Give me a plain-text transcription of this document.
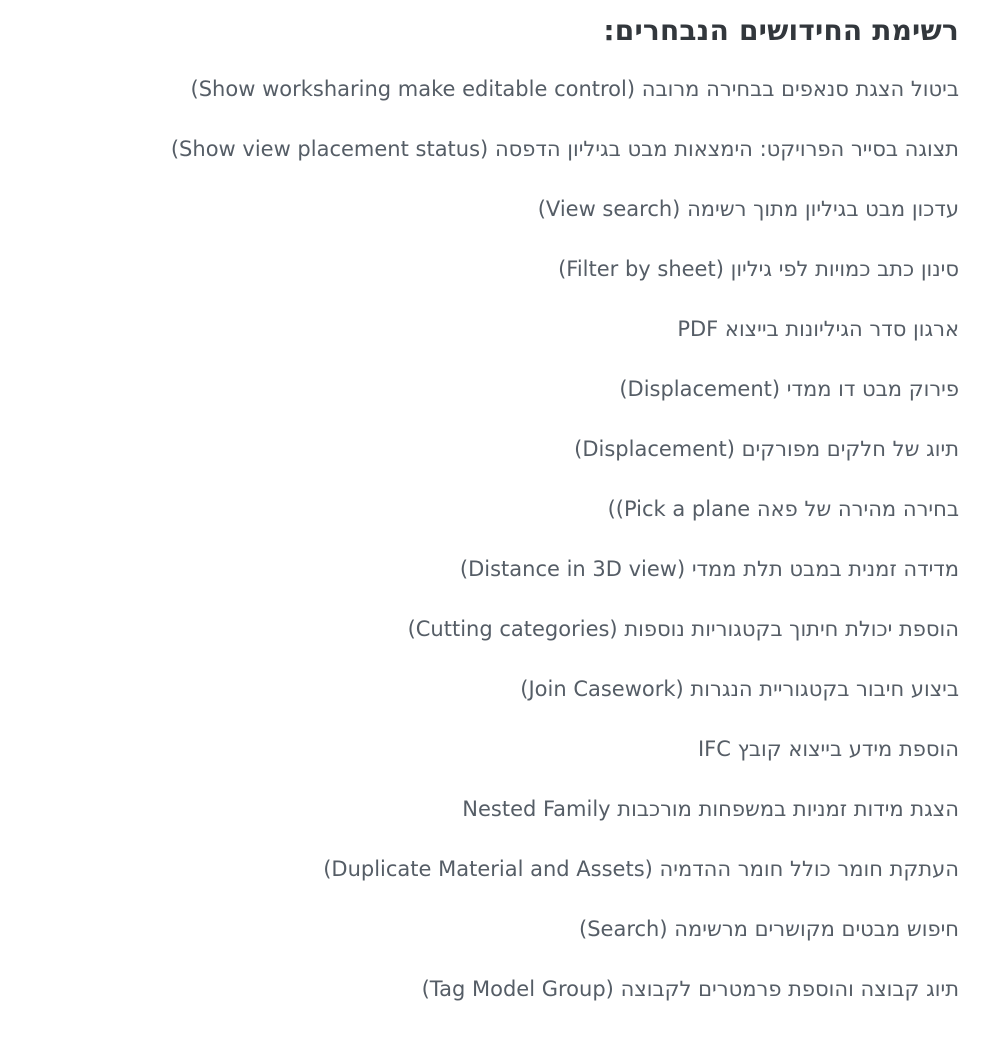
רשימת החידושים הנבחרים:
ביטול הצגת סנאפים בבחירה מרובה (Show worksharing make editable control)
תצוגה בסייר הפרויקט: הימצאות מבט בגיליון הדפסה (Show view placement status)
עדכון מבט בגיליון מתוך רשימה (View search)
סינון כתב כמויות לפי גיליון (Filter by sheet)
ארגון סדר הגיליונות בייצוא PDF
פירוק מבט דו ממדי (Displacement)
תיוג של חלקים מפורקים (Displacement)
בחירה מהירה של פאה ((Pick a plane
מדידה זמנית במבט תלת ממדי (Distance in 3D view)
הוספת יכולת חיתוך בקטגוריות נוספות (Cutting categories)
ביצוע חיבור בקטגוריית הנגרות (Join Casework)
הוספת מידע בייצוא קובץ IFC
הצגת מידות זמניות במשפחות מורכבות Nested Family
העתקת חומר כולל חומר ההדמיה (Duplicate Material and Assets)
חיפוש מבטים מקושרים מרשימה (Search)
תיוג קבוצה והוספת פרמטרים לקבוצה (Tag Model Group)
